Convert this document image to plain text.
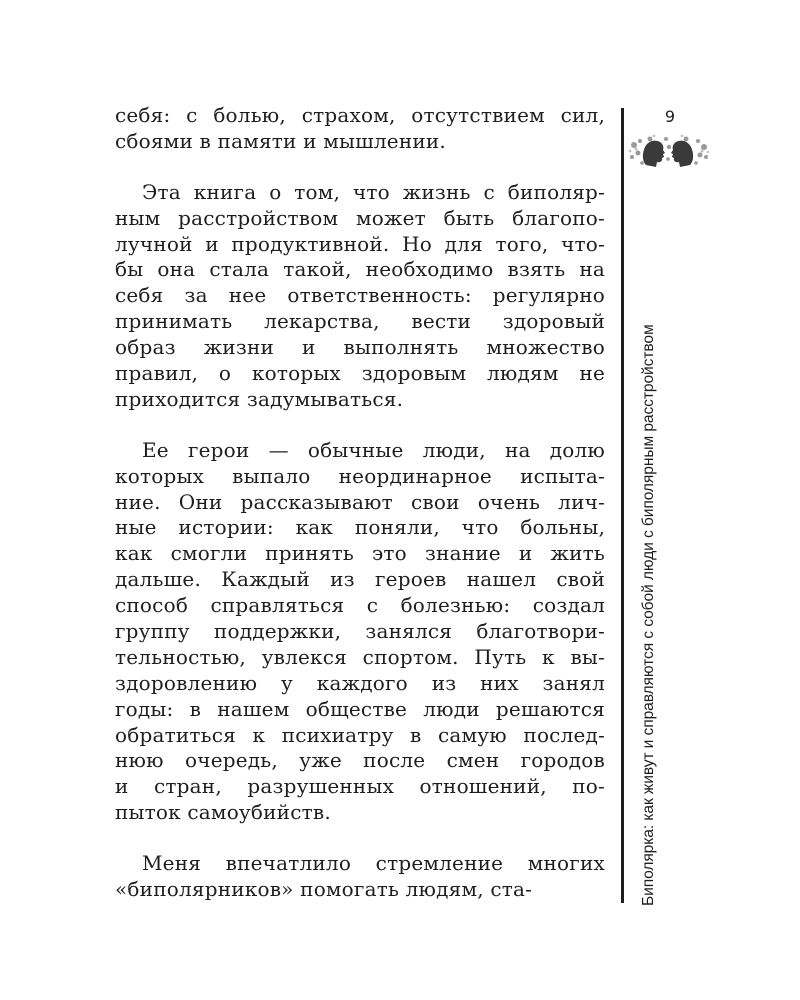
себя: с болью, страхом, отсутствием сил,
сбоями в памяти и мышлении.
Эта книга о том, что жизнь с биполяр-
ным расстройством может быть благопо-
лучной и продуктивной. Но для того, что-
бы она стала такой, необходимо взять на
себя за нее ответственность: регулярно
принимать лекарства, вести здоровый
образ жизни и выполнять множество
правил, о которых здоровым людям не
приходится задумываться.
Ее герои — обычные люди, на долю
которых выпало неординарное испыта-
ние. Они рассказывают свои очень лич-
ные истории: как поняли, что больны,
как смогли принять это знание и жить
дальше. Каждый из героев нашел свой
способ справляться с болезнью: создал
группу поддержки, занялся благотвори-
тельностью, увлекся спортом. Путь к вы-
здоровлению у каждого из них занял
годы: в нашем обществе люди решаются
обратиться к психиатру в самую послед-
нюю очередь, уже после смен городов
и стран, разрушенных отношений, по-
пыток самоубийств.
Меня впечатлило стремление многих
«биполярников» помогать людям, ста-
9
Биполярка: как живут и справляются с собой люди с биполярным расстройством
